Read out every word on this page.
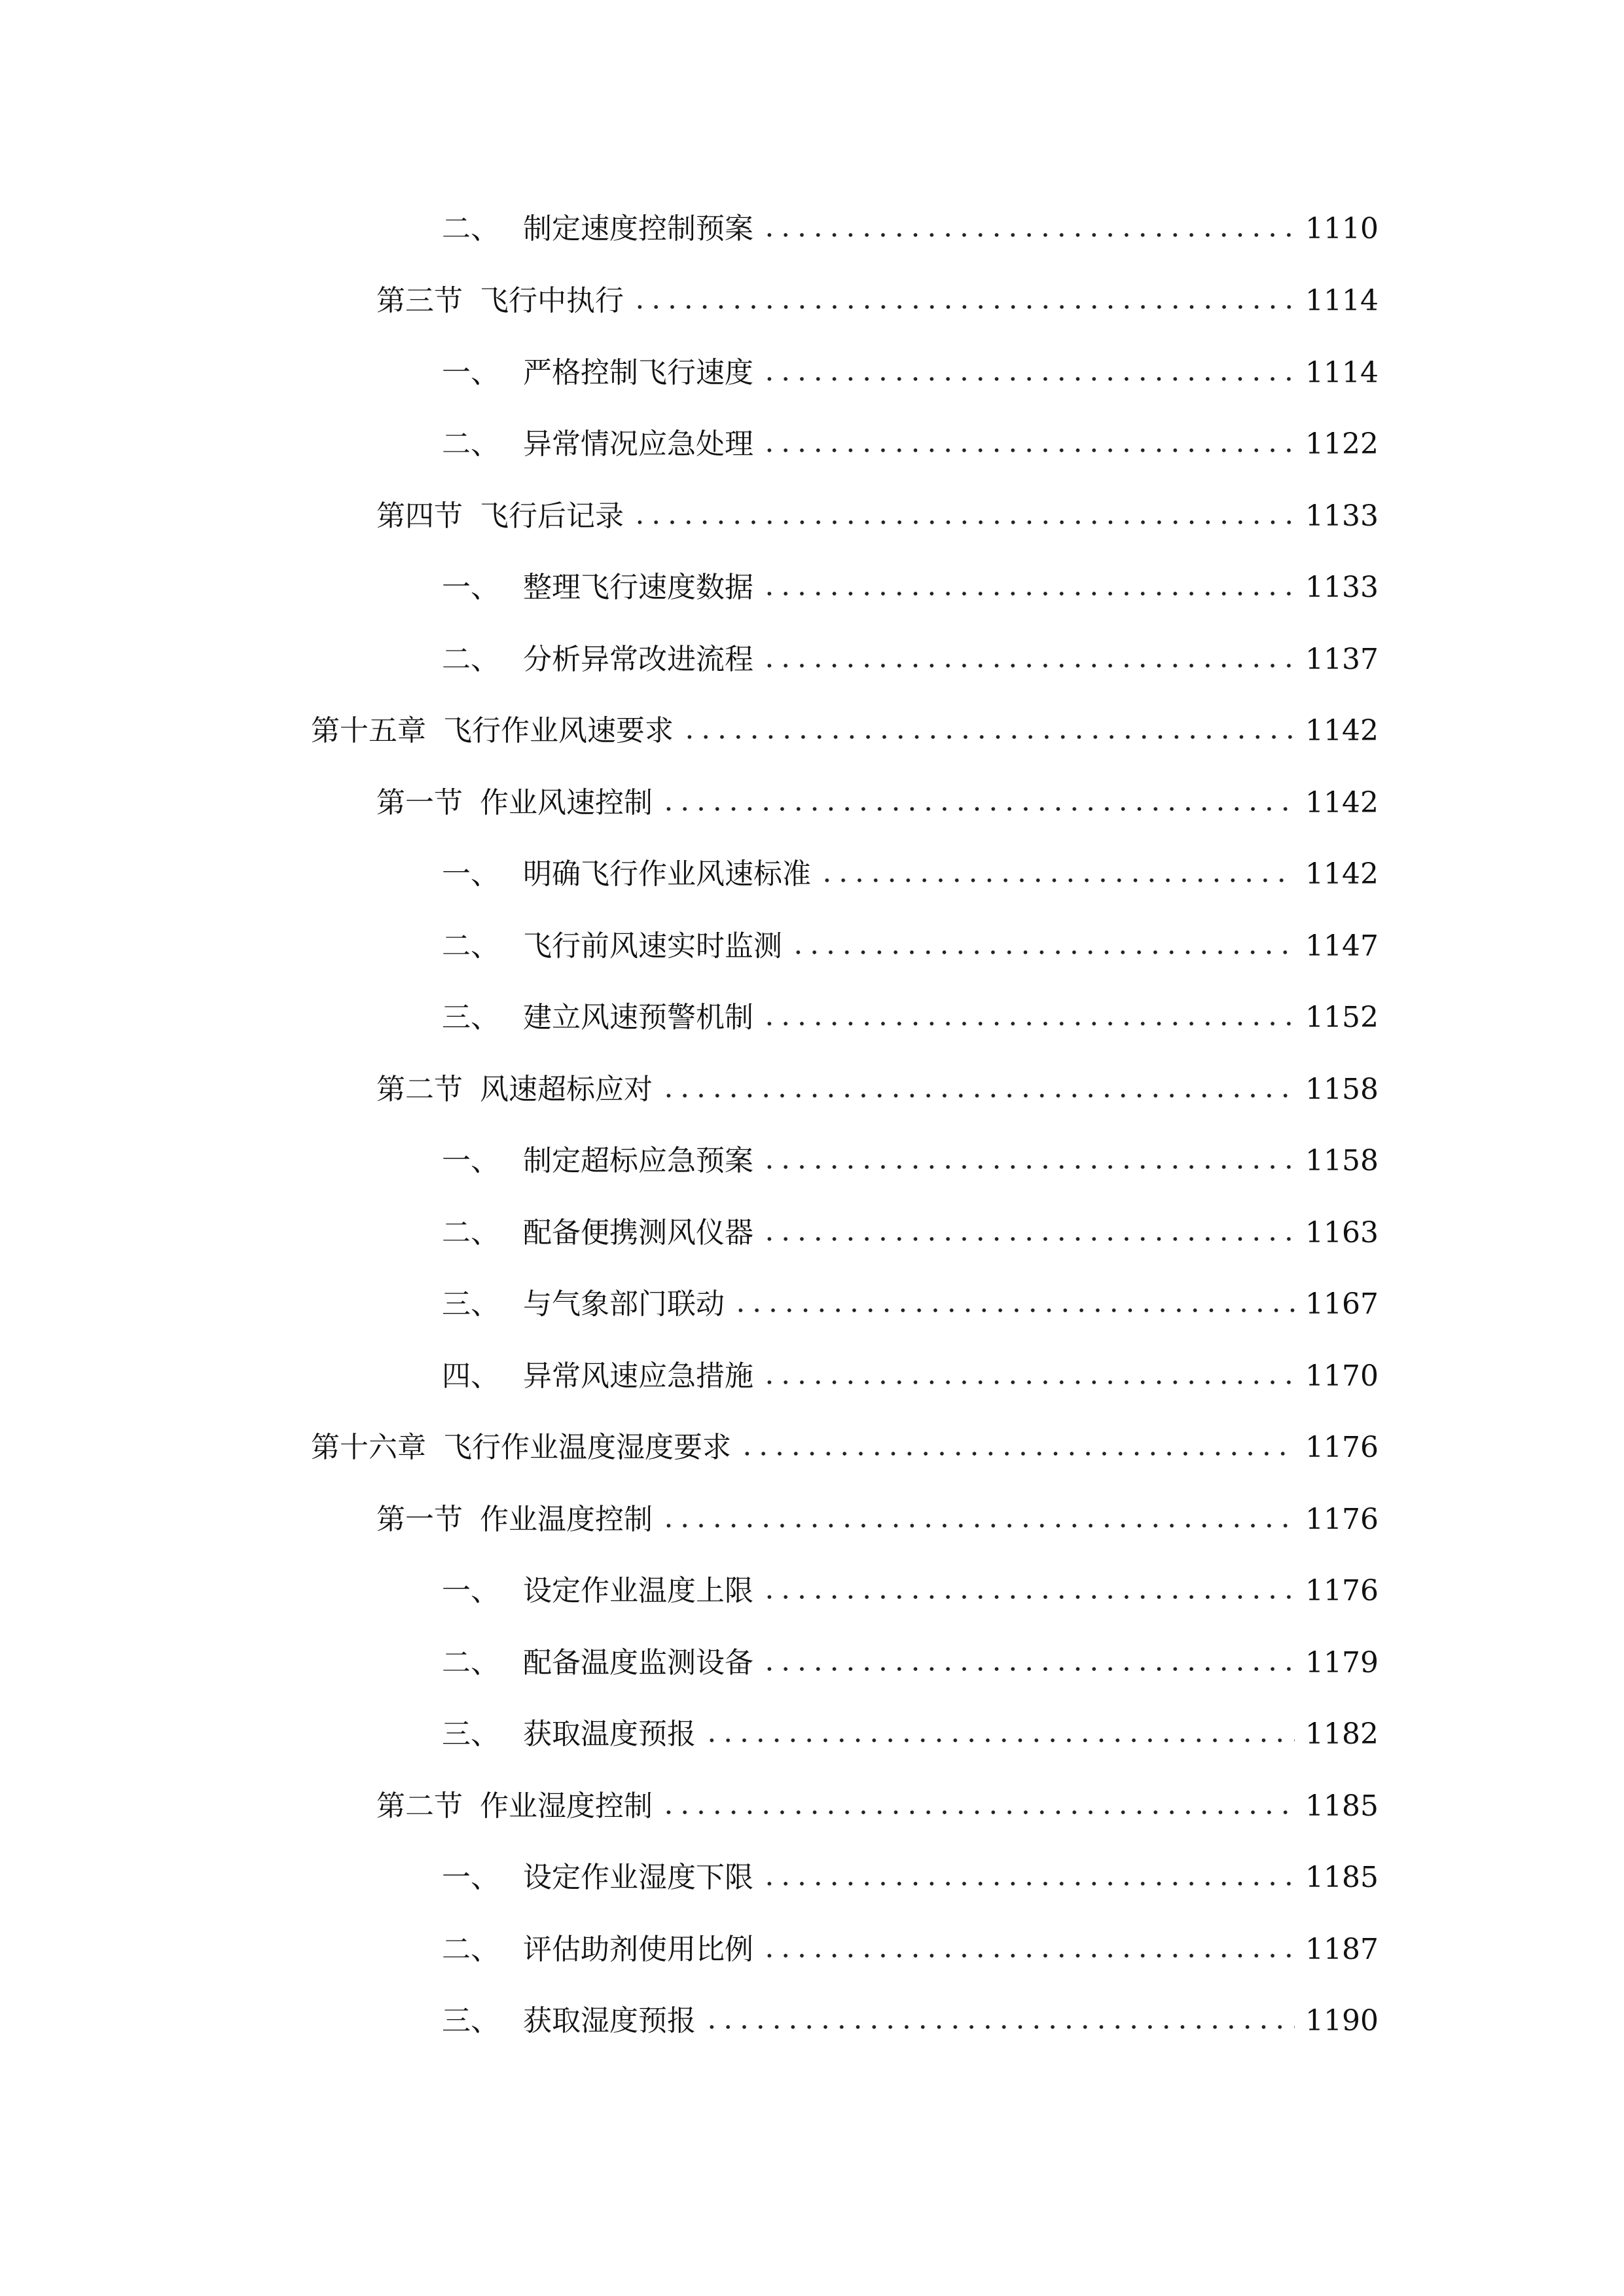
二、 制定速度控制预案	1110
第三节 飞行中执行	1114
一、 严格控制飞行速度	1114
二、 异常情况应急处理	1122
第四节 飞行后记录	1133
一、 整理飞行速度数据	1133
二、 分析异常改进流程	1137
第十五章 飞行作业风速要求	1142
第一节 作业风速控制	1142
一、 明确飞行作业风速标准	1142
二、 飞行前风速实时监测	1147
三、 建立风速预警机制	1152
第二节 风速超标应对	1158
一、 制定超标应急预案	1158
二、 配备便携测风仪器	1163
三、 与气象部门联动	1167
四、 异常风速应急措施	1170
第十六章 飞行作业温度湿度要求	1176
第一节 作业温度控制	1176
一、 设定作业温度上限	1176
二、 配备温度监测设备	1179
三、 获取温度预报	1182
第二节 作业湿度控制	1185
一、 设定作业湿度下限	1185
二、 评估助剂使用比例	1187
三、 获取湿度预报	1190
